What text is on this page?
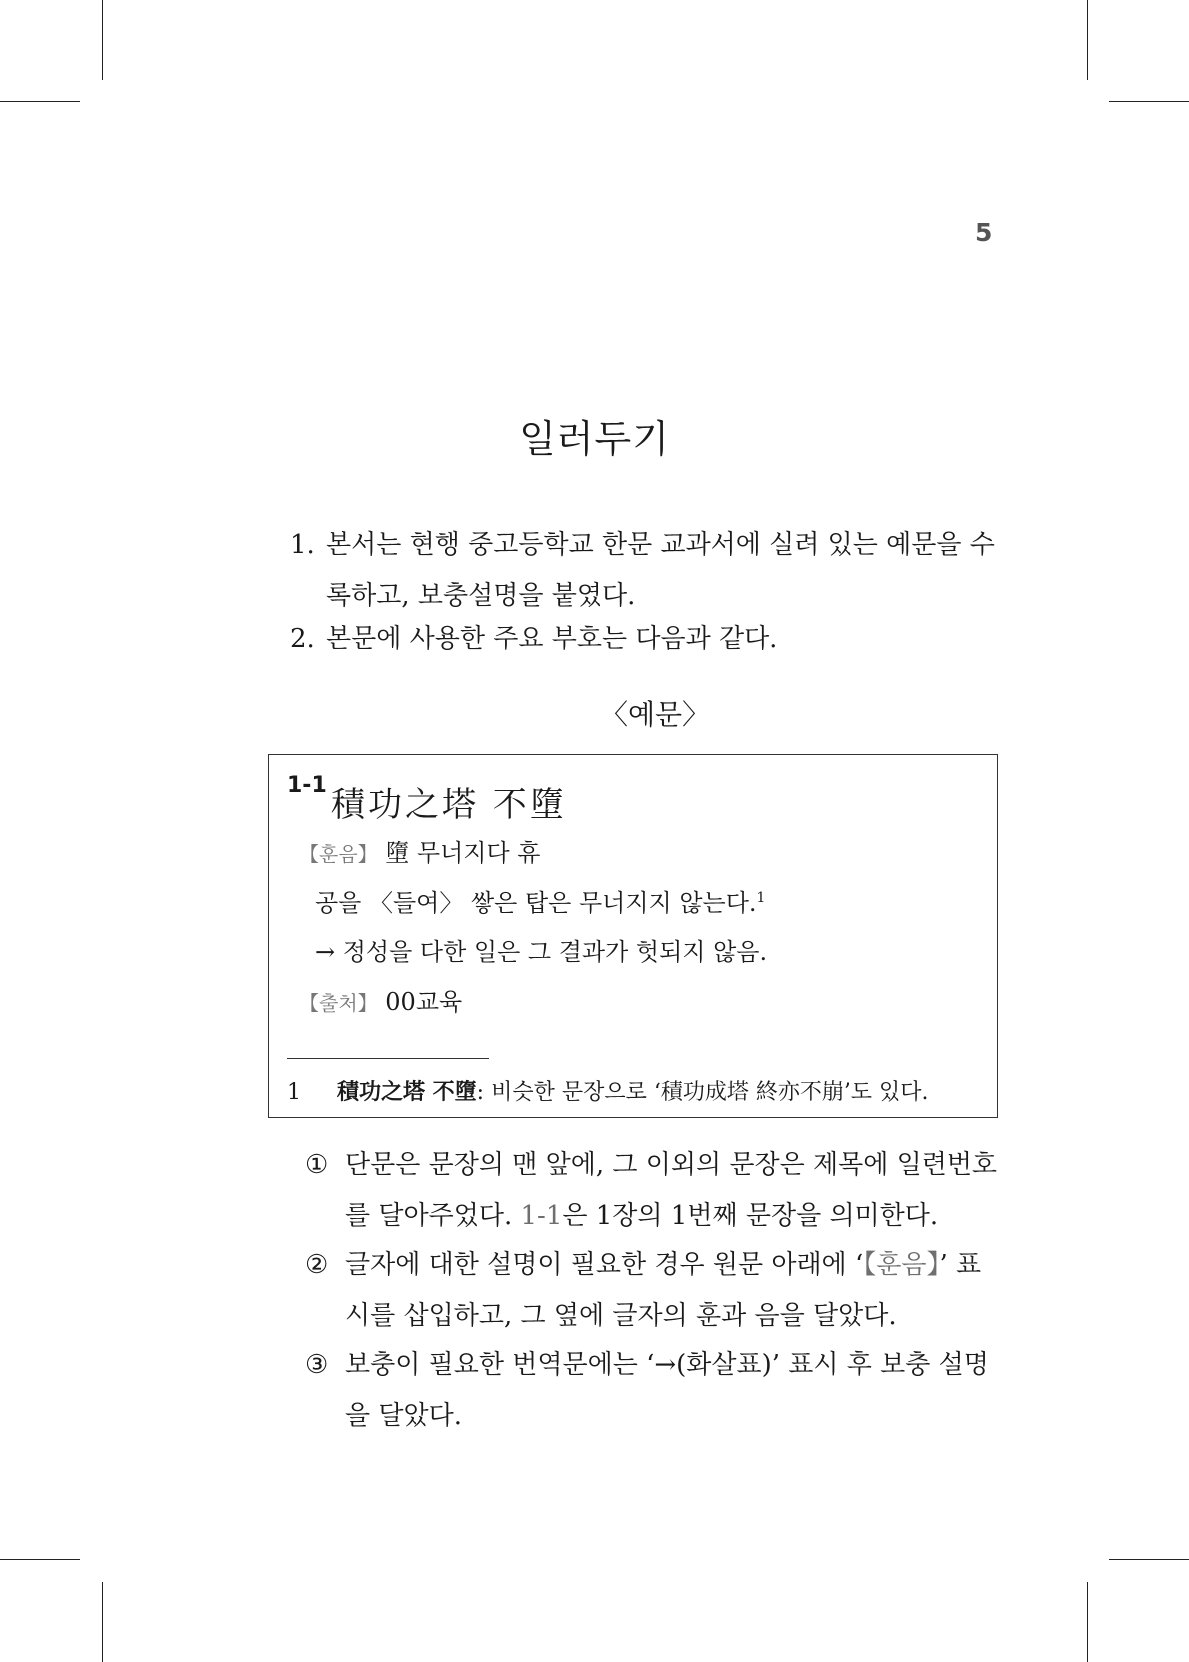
5
일러두기
1. 본서는 현행 중고등학교 한문 교과서에 실려 있는 예문을 수록하고, 보충설명을 붙였다.
2. 본문에 사용한 주요 부호는 다음과 같다.
〈예문〉
1-1 積功之塔 不墮
【훈음】 墮 무너지다 휴
공을 〈들여〉 쌓은 탑은 무너지지 않는다.$^1$
→ 정성을 다한 일은 그 결과가 헛되지 않음.
【출처】 00교육
1 積功之塔 不墮: 비슷한 문장으로 ‘積功成塔 終亦不崩’도 있다.
① 단문은 문장의 맨 앞에, 그 이외의 문장은 제목에 일련번호를 달아주었다. 1-1은 1장의 1번째 문장을 의미한다.
② 글자에 대한 설명이 필요한 경우 원문 아래에 ‘【훈음】’ 표시를 삽입하고, 그 옆에 글자의 훈과 음을 달았다.
③ 보충이 필요한 번역문에는 ‘→(화살표)’ 표시 후 보충 설명을 달았다.
